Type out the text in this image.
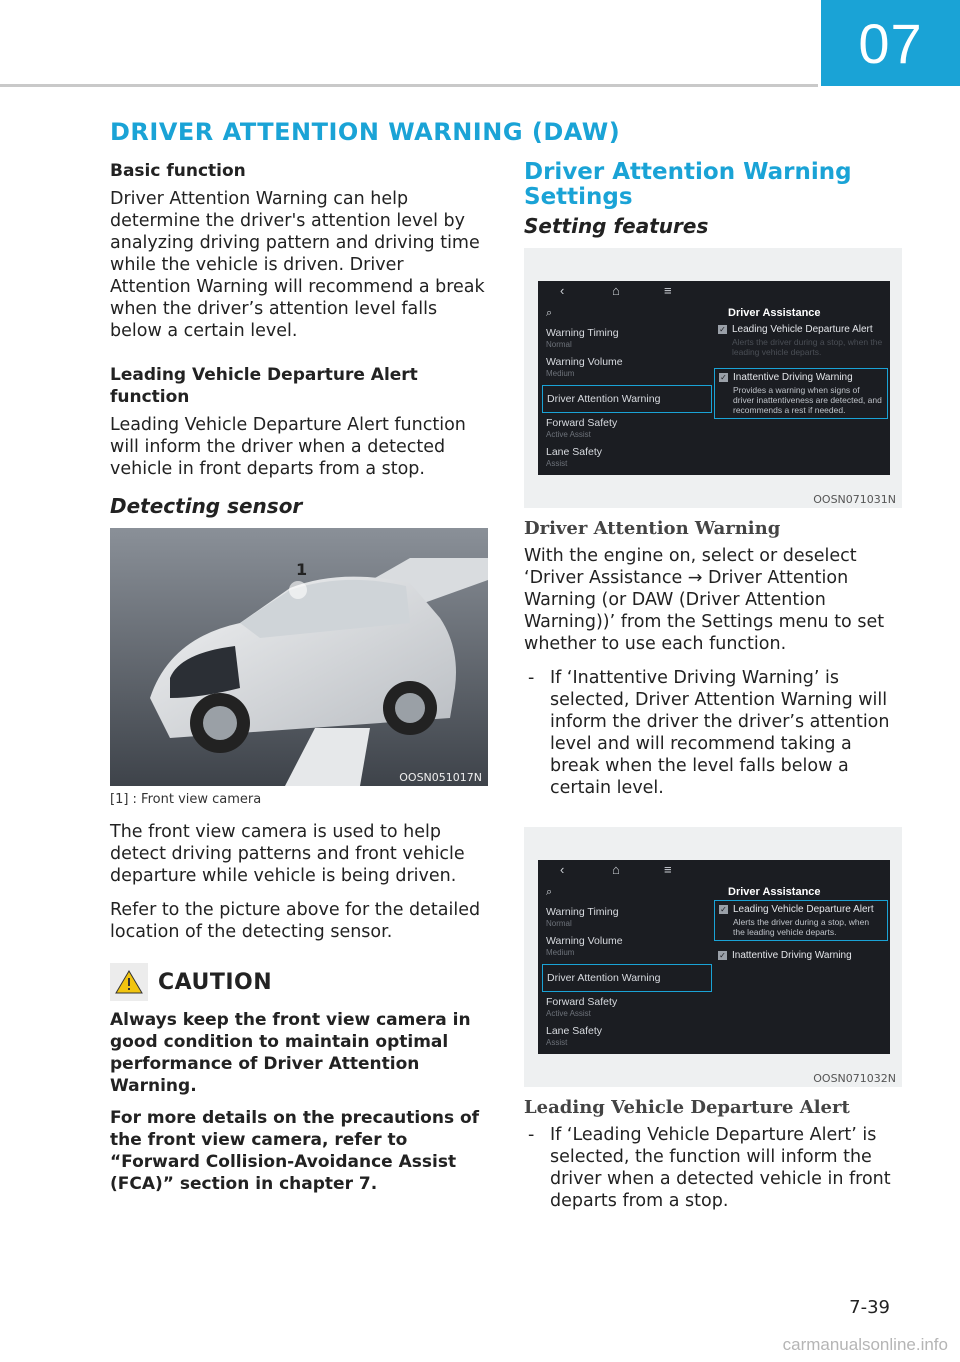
07
DRIVER ATTENTION WARNING (DAW)
Basic function

Driver Attention Warning can help determine the driver's attention level by analyzing driving pattern and driving time while the vehicle is driven. Driver Attention Warning will recommend a break when the driver’s attention level falls below a certain level.

Leading Vehicle Departure Alert function

Leading Vehicle Departure Alert function will inform the driver when a detected vehicle in front departs from a stop.

Detecting sensor
1
OOSN051017N
[1] : Front view camera

The front view camera is used to help detect driving patterns and front vehicle departure while vehicle is being driven.

Refer to the picture above for the detailed location of the detecting sensor.

CAUTION

Always keep the front view camera in good condition to maintain optimal performance of Driver Attention Warning.

For more details on the precautions of the front view camera, refer to “Forward Collision-Avoidance Assist (FCA)” section in chapter 7.

Driver Attention Warning Settings
Setting features
‹	⌂	≡
Driver Assistance
⌕
Warning Timing
Normal
Warning Volume
Medium
Driver Attention Warning
Forward Safety
Active Assist
Lane Safety
Assist
✓ Leading Vehicle Departure Alert
Alerts the driver during a stop, when the leading vehicle departs.
✓ Inattentive Driving Warning
Provides a warning when signs of driver inattentiveness are detected, and recommends a rest if needed.
OOSN071031N
Driver Attention Warning

With the engine on, select or deselect ‘Driver Assistance → Driver Attention Warning (or DAW (Driver Attention Warning))’ from the Settings menu to set whether to use each function.

- If ‘Inattentive Driving Warning’ is selected, Driver Attention Warning will inform the driver the driver’s attention level and will recommend taking a break when the level falls below a certain level.
‹	⌂	≡
Driver Assistance
⌕
Warning Timing
Normal
Warning Volume
Medium
Driver Attention Warning
Forward Safety
Active Assist
Lane Safety
Assist
✓ Leading Vehicle Departure Alert
Alerts the driver during a stop, when the leading vehicle departs.
✓ Inattentive Driving Warning
OOSN071032N
Leading Vehicle Departure Alert
- If ‘Leading Vehicle Departure Alert’ is selected, the function will inform the driver when a detected vehicle in front departs from a stop.
7-39
carmanualsonline.info
